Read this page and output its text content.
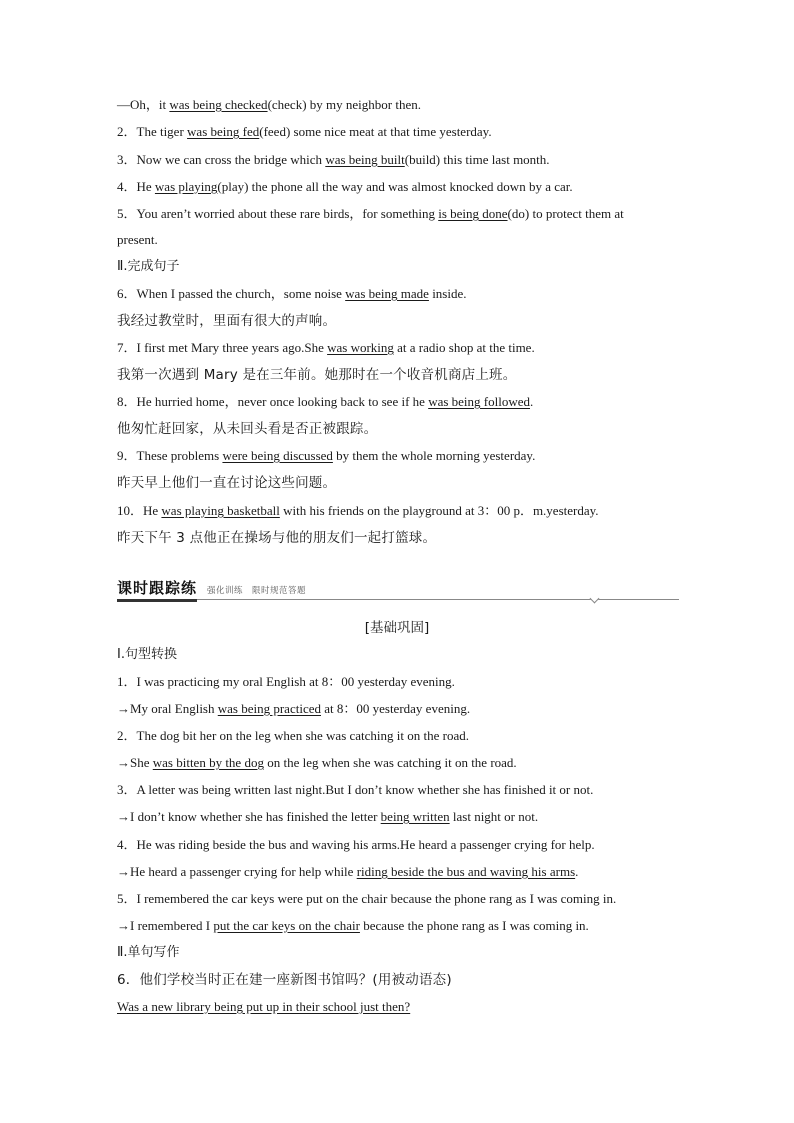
—Oh，it was being checked(check) by my neighbor then.
2．The tiger was being fed(feed) some nice meat at that time yesterday.
3．Now we can cross the bridge which was being built(build) this time last month.
4．He was playing(play) the phone all the way and was almost knocked down by a car.
5．You aren’t worried about these rare birds，for something is being done(do) to protect them at
present.
Ⅱ.完成句子
6．When I passed the church，some noise was being made inside.
我经过教堂时，里面有很大的声响。
7．I first met Mary three years ago.She was working at a radio shop at the time.
我第一次遇到 Mary 是在三年前。她那时在一个收音机商店上班。
8．He hurried home，never once looking back to see if he was being followed.
他匆忙赶回家，从未回头看是否正被跟踪。
9．These problems were being discussed by them the whole morning yesterday.
昨天早上他们一直在讨论这些问题。
10．He was playing basketball with his friends on the playground at 3：00 p．m.yesterday.
昨天下午 3 点他正在操场与他的朋友们一起打篮球。
课时跟踪练 强化训练　限时规范答题
[基础巩固]
Ⅰ.句型转换
1．I was practicing my oral English at 8：00 yesterday evening.
→My oral English was being practiced at 8：00 yesterday evening.
2．The dog bit her on the leg when she was catching it on the road.
→She was bitten by the dog on the leg when she was catching it on the road.
3．A letter was being written last night.But I don’t know whether she has finished it or not.
→I don’t know whether she has finished the letter being written last night or not.
4．He was riding beside the bus and waving his arms.He heard a passenger crying for help.
→He heard a passenger crying for help while riding beside the bus and waving his arms.
5．I remembered the car keys were put on the chair because the phone rang as I was coming in.
→I remembered I put the car keys on the chair because the phone rang as I was coming in.
Ⅱ.单句写作
6．他们学校当时正在建一座新图书馆吗？(用被动语态)
Was a new library being put up in their school just then?
